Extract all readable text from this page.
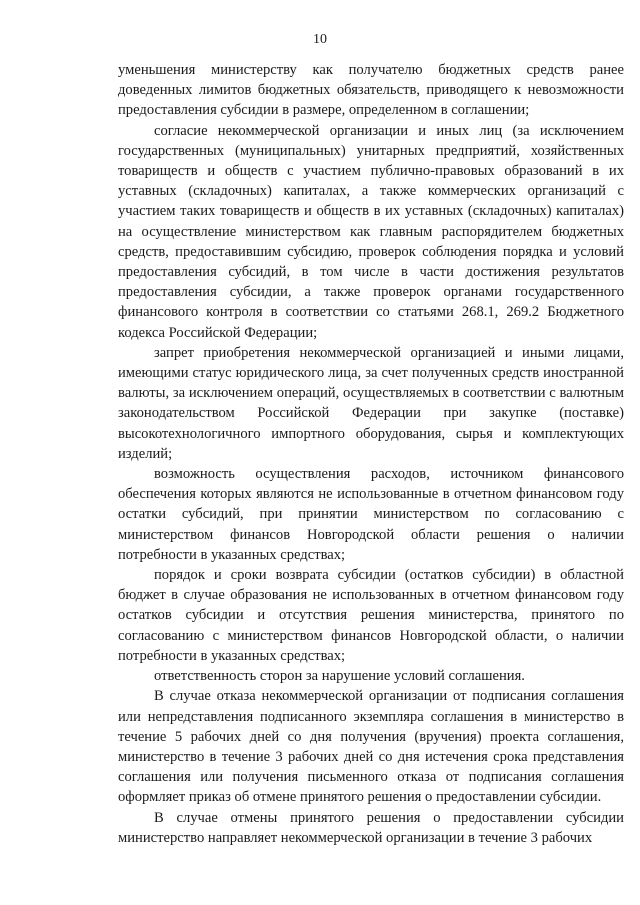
10

уменьшения министерству как получателю бюджетных средств ранее доведенных лимитов бюджетных обязательств, приводящего к невозможности предоставления субсидии в размере, определенном в соглашении;

согласие некоммерческой организации и иных лиц (за исключением государственных (муниципальных) унитарных предприятий, хозяйственных товариществ и обществ с участием публично-правовых образований в их уставных (складочных) капиталах, а также коммерческих организаций с участием таких товариществ и обществ в их уставных (складочных) капиталах) на осуществление министерством как главным распорядителем бюджетных средств, предоставившим субсидию, проверок соблюдения порядка и условий предоставления субсидий, в том числе в части достижения результатов предоставления субсидии, а также проверок органами государственного финансового контроля в соответствии со статьями 268.1, 269.2 Бюджетного кодекса Российской Федерации;

запрет приобретения некоммерческой организацией и иными лицами, имеющими статус юридического лица, за счет полученных средств иностранной валюты, за исключением операций, осуществляемых в соответствии с валютным законодательством Российской Федерации при закупке (поставке) высокотехнологичного импортного оборудования, сырья и комплектующих изделий;

возможность осуществления расходов, источником финансового обеспечения которых являются не использованные в отчетном финансовом году остатки субсидий, при принятии министерством по согласованию с министерством финансов Новгородской области решения о наличии потребности в указанных средствах;

порядок и сроки возврата субсидии (остатков субсидии) в областной бюджет в случае образования не использованных в отчетном финансовом году остатков субсидии и отсутствия решения министерства, принятого по согласованию с министерством финансов Новгородской области, о наличии потребности в указанных средствах;

ответственность сторон за нарушение условий соглашения.

В случае отказа некоммерческой организации от подписания соглашения или непредставления подписанного экземпляра соглашения в министерство в течение 5 рабочих дней со дня получения (вручения) проекта соглашения, министерство в течение 3 рабочих дней со дня истечения срока представления соглашения или получения письменного отказа от подписания соглашения оформляет приказ об отмене принятого решения о предоставлении субсидии.

В случае отмены принятого решения о предоставлении субсидии министерство направляет некоммерческой организации в течение 3 рабочих
